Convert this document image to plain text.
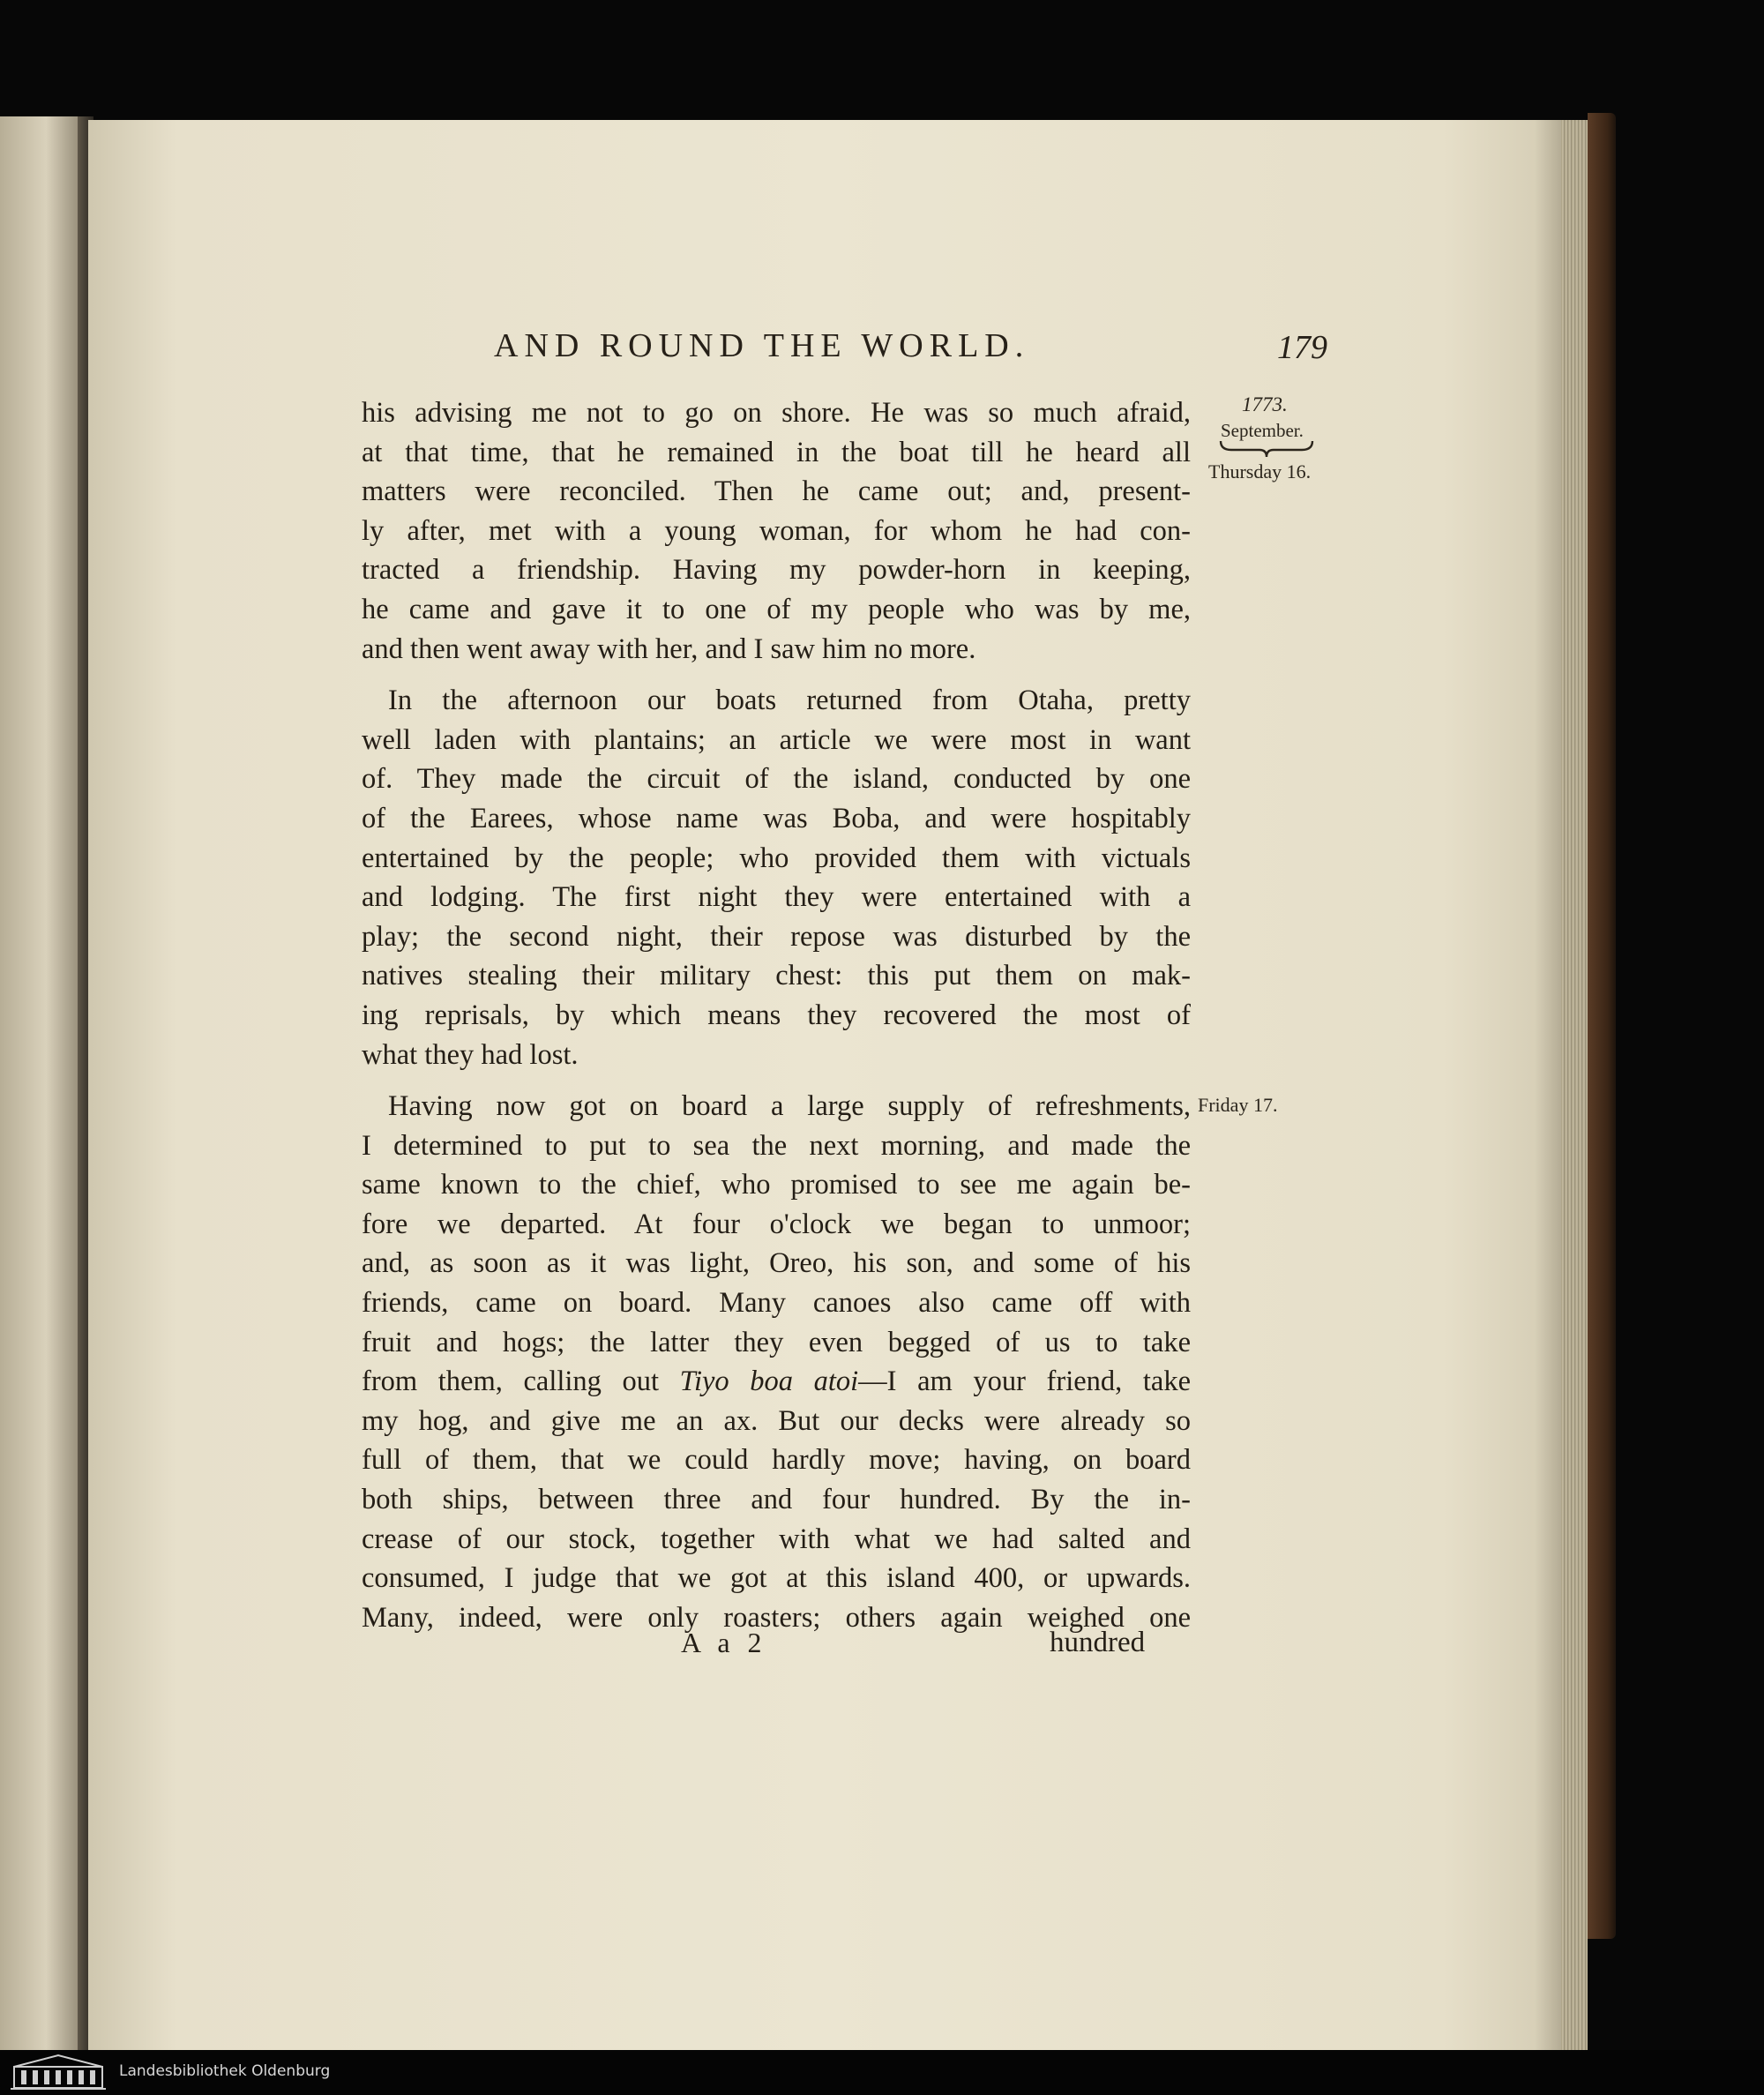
AND ROUND THE WORLD.	179
1773.
September.
Thursday 16.
Friday 17.
his advising me not to go on shore. He was so much afraid,
at that time, that he remained in the boat till he heard all
matters were reconciled. Then he came out; and, present-
ly after, met with a young woman, for whom he had con-
tracted a friendship. Having my powder-horn in keeping,
he came and gave it to one of my people who was by me,
and then went away with her, and I saw him no more.
In the afternoon our boats returned from Otaha, pretty
well laden with plantains; an article we were most in want
of. They made the circuit of the island, conducted by one
of the Earees, whose name was Boba, and were hospitably
entertained by the people; who provided them with victuals
and lodging. The first night they were entertained with a
play; the second night, their repose was disturbed by the
natives stealing their military chest: this put them on mak-
ing reprisals, by which means they recovered the most of
what they had lost.
Having now got on board a large supply of refreshments,
I determined to put to sea the next morning, and made the
same known to the chief, who promised to see me again be-
fore we departed. At four o'clock we began to unmoor;
and, as soon as it was light, Oreo, his son, and some of his
friends, came on board. Many canoes also came off with
fruit and hogs; the latter they even begged of us to take
from them, calling out Tiyo boa atoi—I am your friend, take
my hog, and give me an ax. But our decks were already so
full of them, that we could hardly move; having, on board
both ships, between three and four hundred. By the in-
crease of our stock, together with what we had salted and
consumed, I judge that we got at this island 400, or upwards.
Many, indeed, were only roasters; others again weighed one
A a 2	hundred
Landesbibliothek Oldenburg
